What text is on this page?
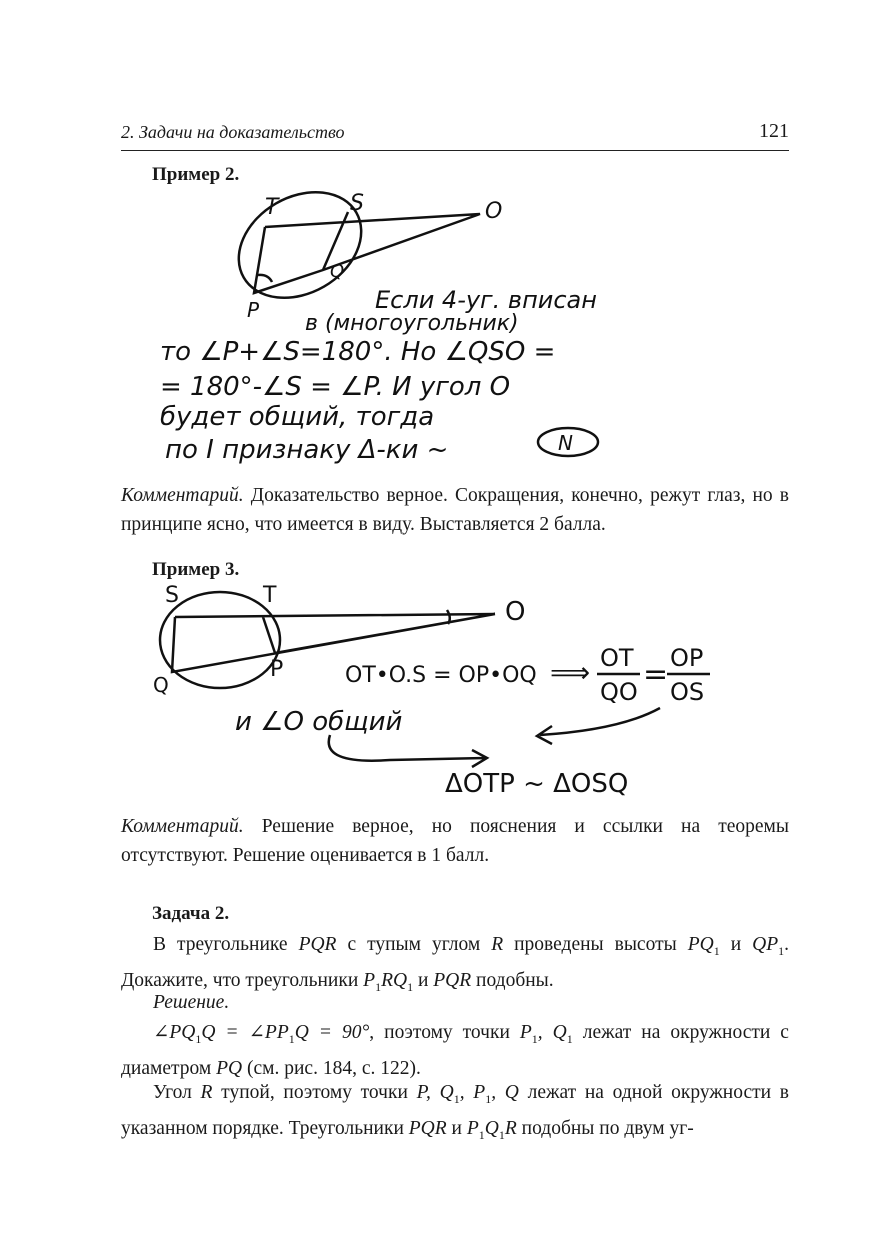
2. Задачи на доказательство	121
Пример 2.
T	S	O
Q
P	Если 4-уг. вписан
в (многоугольник)
то ∠P+∠S=180°. Но ∠QSO =
= 180°-∠S = ∠P. И угол O
будет общий, тогда
по I признаку Δ-ки ~	N

Комментарий. Доказательство верное. Сокращения, конечно, режут глаз, но в принципе ясно, что имеется в виду. Выставляется 2 балла.

Пример 3.
S	T
O
Q
P	OT•O.S = OP•OQ ⟹ OT
QO = OP
OS
и ∠O общий
ΔOTP ~ ΔOSQ

Комментарий. Решение верное, но пояснения и ссылки на теоремы отсутствуют. Решение оценивается в 1 балл.

Задача 2.

В треугольнике PQR с тупым углом R проведены высоты $PQ_1$ и $QP_1$. Докажите, что треугольники $P_1RQ_1$ и PQR подобны.

Решение.

$\angle PQ_1Q$ = $\angle PP_1Q = 90^\circ$, поэтому точки $P_1$, $Q_1$ лежат на окружности с диаметром PQ (см. рис. 184, с. 122).

Угол R тупой, поэтому точки P, $Q_1$, $P_1$, Q лежат на одной окружности в указанном порядке. Треугольники PQR и $P_1Q_1R$ подобны по двум уг-
